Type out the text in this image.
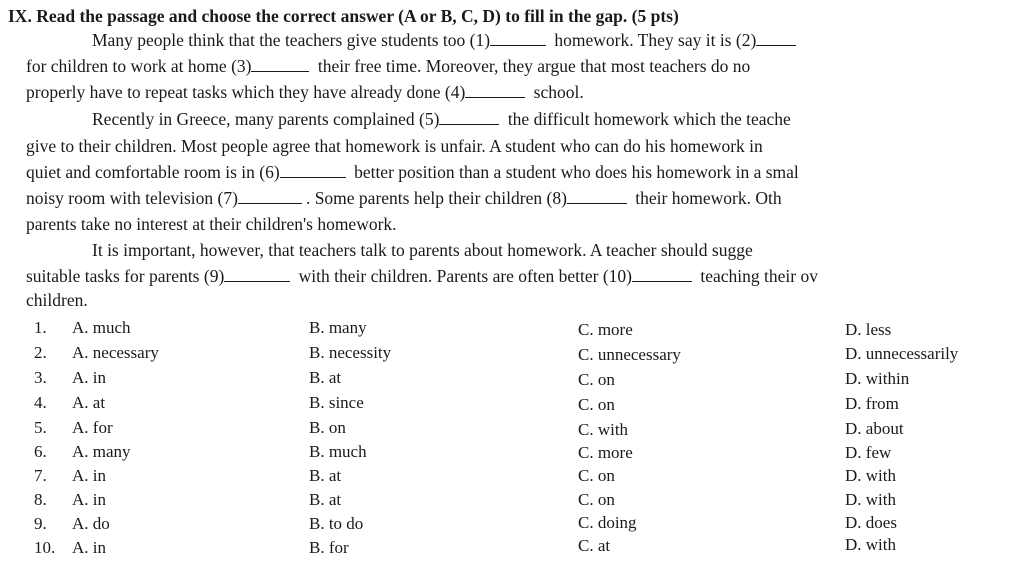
IX. Read the passage and choose the correct answer (A or B, C, D) to fill in the gap. (5 pts)
Many people think that the teachers give students too (1)	homework. They say it is (2)
for children to work at home (3)	their free time. Moreover, they argue that most teachers do no
properly have to repeat tasks which they have already done (4)	school.
Recently in Greece, many parents complained (5)	the difficult homework which the teache
give to their children. Most people agree that homework is unfair. A student who can do his homework in
quiet and comfortable room is in (6)	better position than a student who does his homework in a smal
noisy room with television (7)	. Some parents help their children (8)	their homework. Oth
parents take no interest at their children's homework.
It is important, however, that teachers talk to parents about homework. A teacher should sugge
suitable tasks for parents (9)	with their children. Parents are often better (10)	teaching their ov
children.
1. A. much	B. many	C. more	D. less
2. A. necessary	B. necessity	C. unnecessary	D. unnecessarily
3. A. in	B. at	C. on	D. within
4. A. at	B. since	C. on	D. from
5. A. for	B. on	C. with	D. about
6. A. many	B. much	C. more	D. few
7. A. in	B. at	C. on	D. with
8. A. in	B. at	C. on	D. with
9. A. do	B. to do	C. doing	D. does
10. A. in	B. for	C. at	D. with
